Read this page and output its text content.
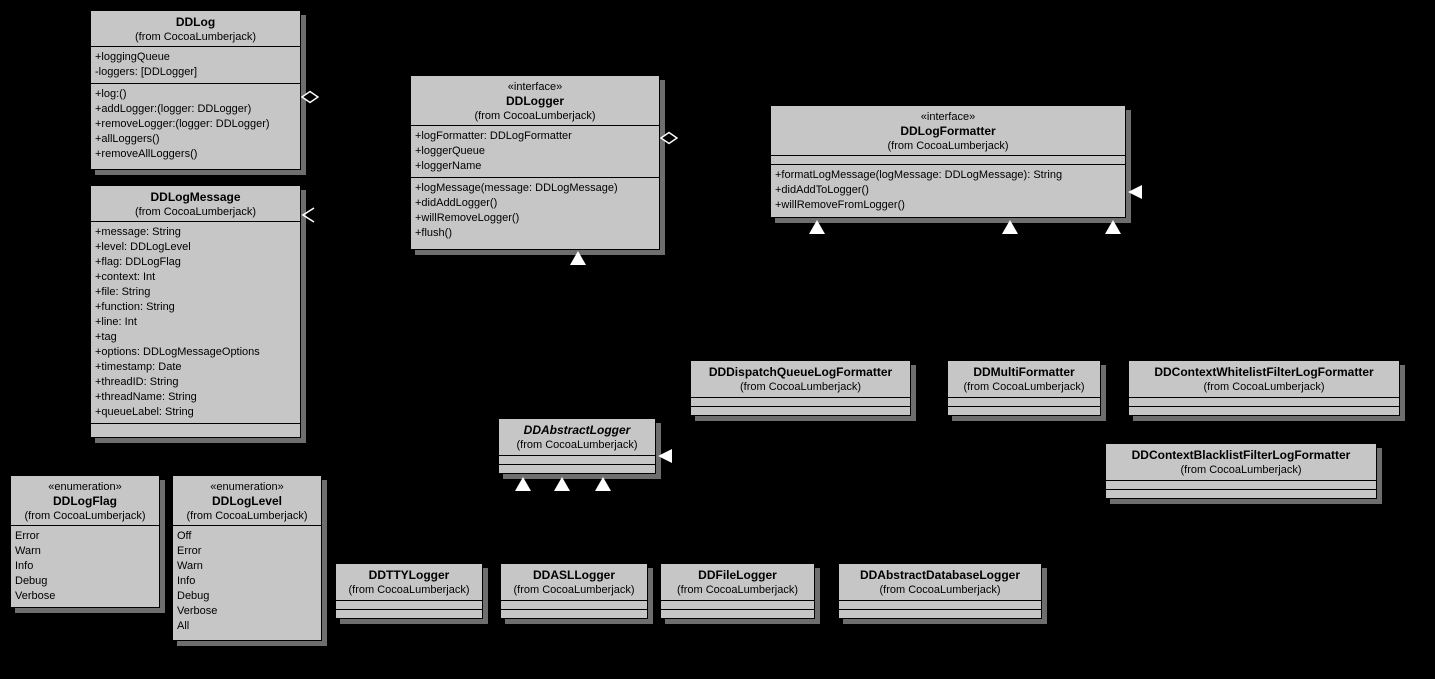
DDLog
(from CocoaLumberjack)
+loggingQueue
-loggers: [DDLogger]
+log:()
+addLogger:(logger: DDLogger)
+removeLogger:(logger: DDLogger)
+allLoggers()
+removeAllLoggers()
DDLogMessage
(from CocoaLumberjack)
+message: String
+level: DDLogLevel
+flag: DDLogFlag
+context: Int
+file: String
+function: String
+line: Int
+tag
+options: DDLogMessageOptions
+timestamp: Date
+threadID: String
+threadName: String
+queueLabel: String
«interface»
DDLogger
(from CocoaLumberjack)
+logFormatter: DDLogFormatter
+loggerQueue
+loggerName
+logMessage(message: DDLogMessage)
+didAddLogger()
+willRemoveLogger()
+flush()
«interface»
DDLogFormatter
(from CocoaLumberjack)
+formatLogMessage(logMessage: DDLogMessage): String
+didAddToLogger()
+willRemoveFromLogger()
DDDispatchQueueLogFormatter
(from CocoaLumberjack)
DDMultiFormatter
(from CocoaLumberjack)
DDContextWhitelistFilterLogFormatter
(from CocoaLumberjack)
DDContextBlacklistFilterLogFormatter
(from CocoaLumberjack)
DDAbstractLogger
(from CocoaLumberjack)
«enumeration»
DDLogFlag
(from CocoaLumberjack)
Error
Warn
Info
Debug
Verbose
«enumeration»
DDLogLevel
(from CocoaLumberjack)
Off
Error
Warn
Info
Debug
Verbose
All
DDTTYLogger
(from CocoaLumberjack)
DDASLLogger
(from CocoaLumberjack)
DDFileLogger
(from CocoaLumberjack)
DDAbstractDatabaseLogger
(from CocoaLumberjack)
